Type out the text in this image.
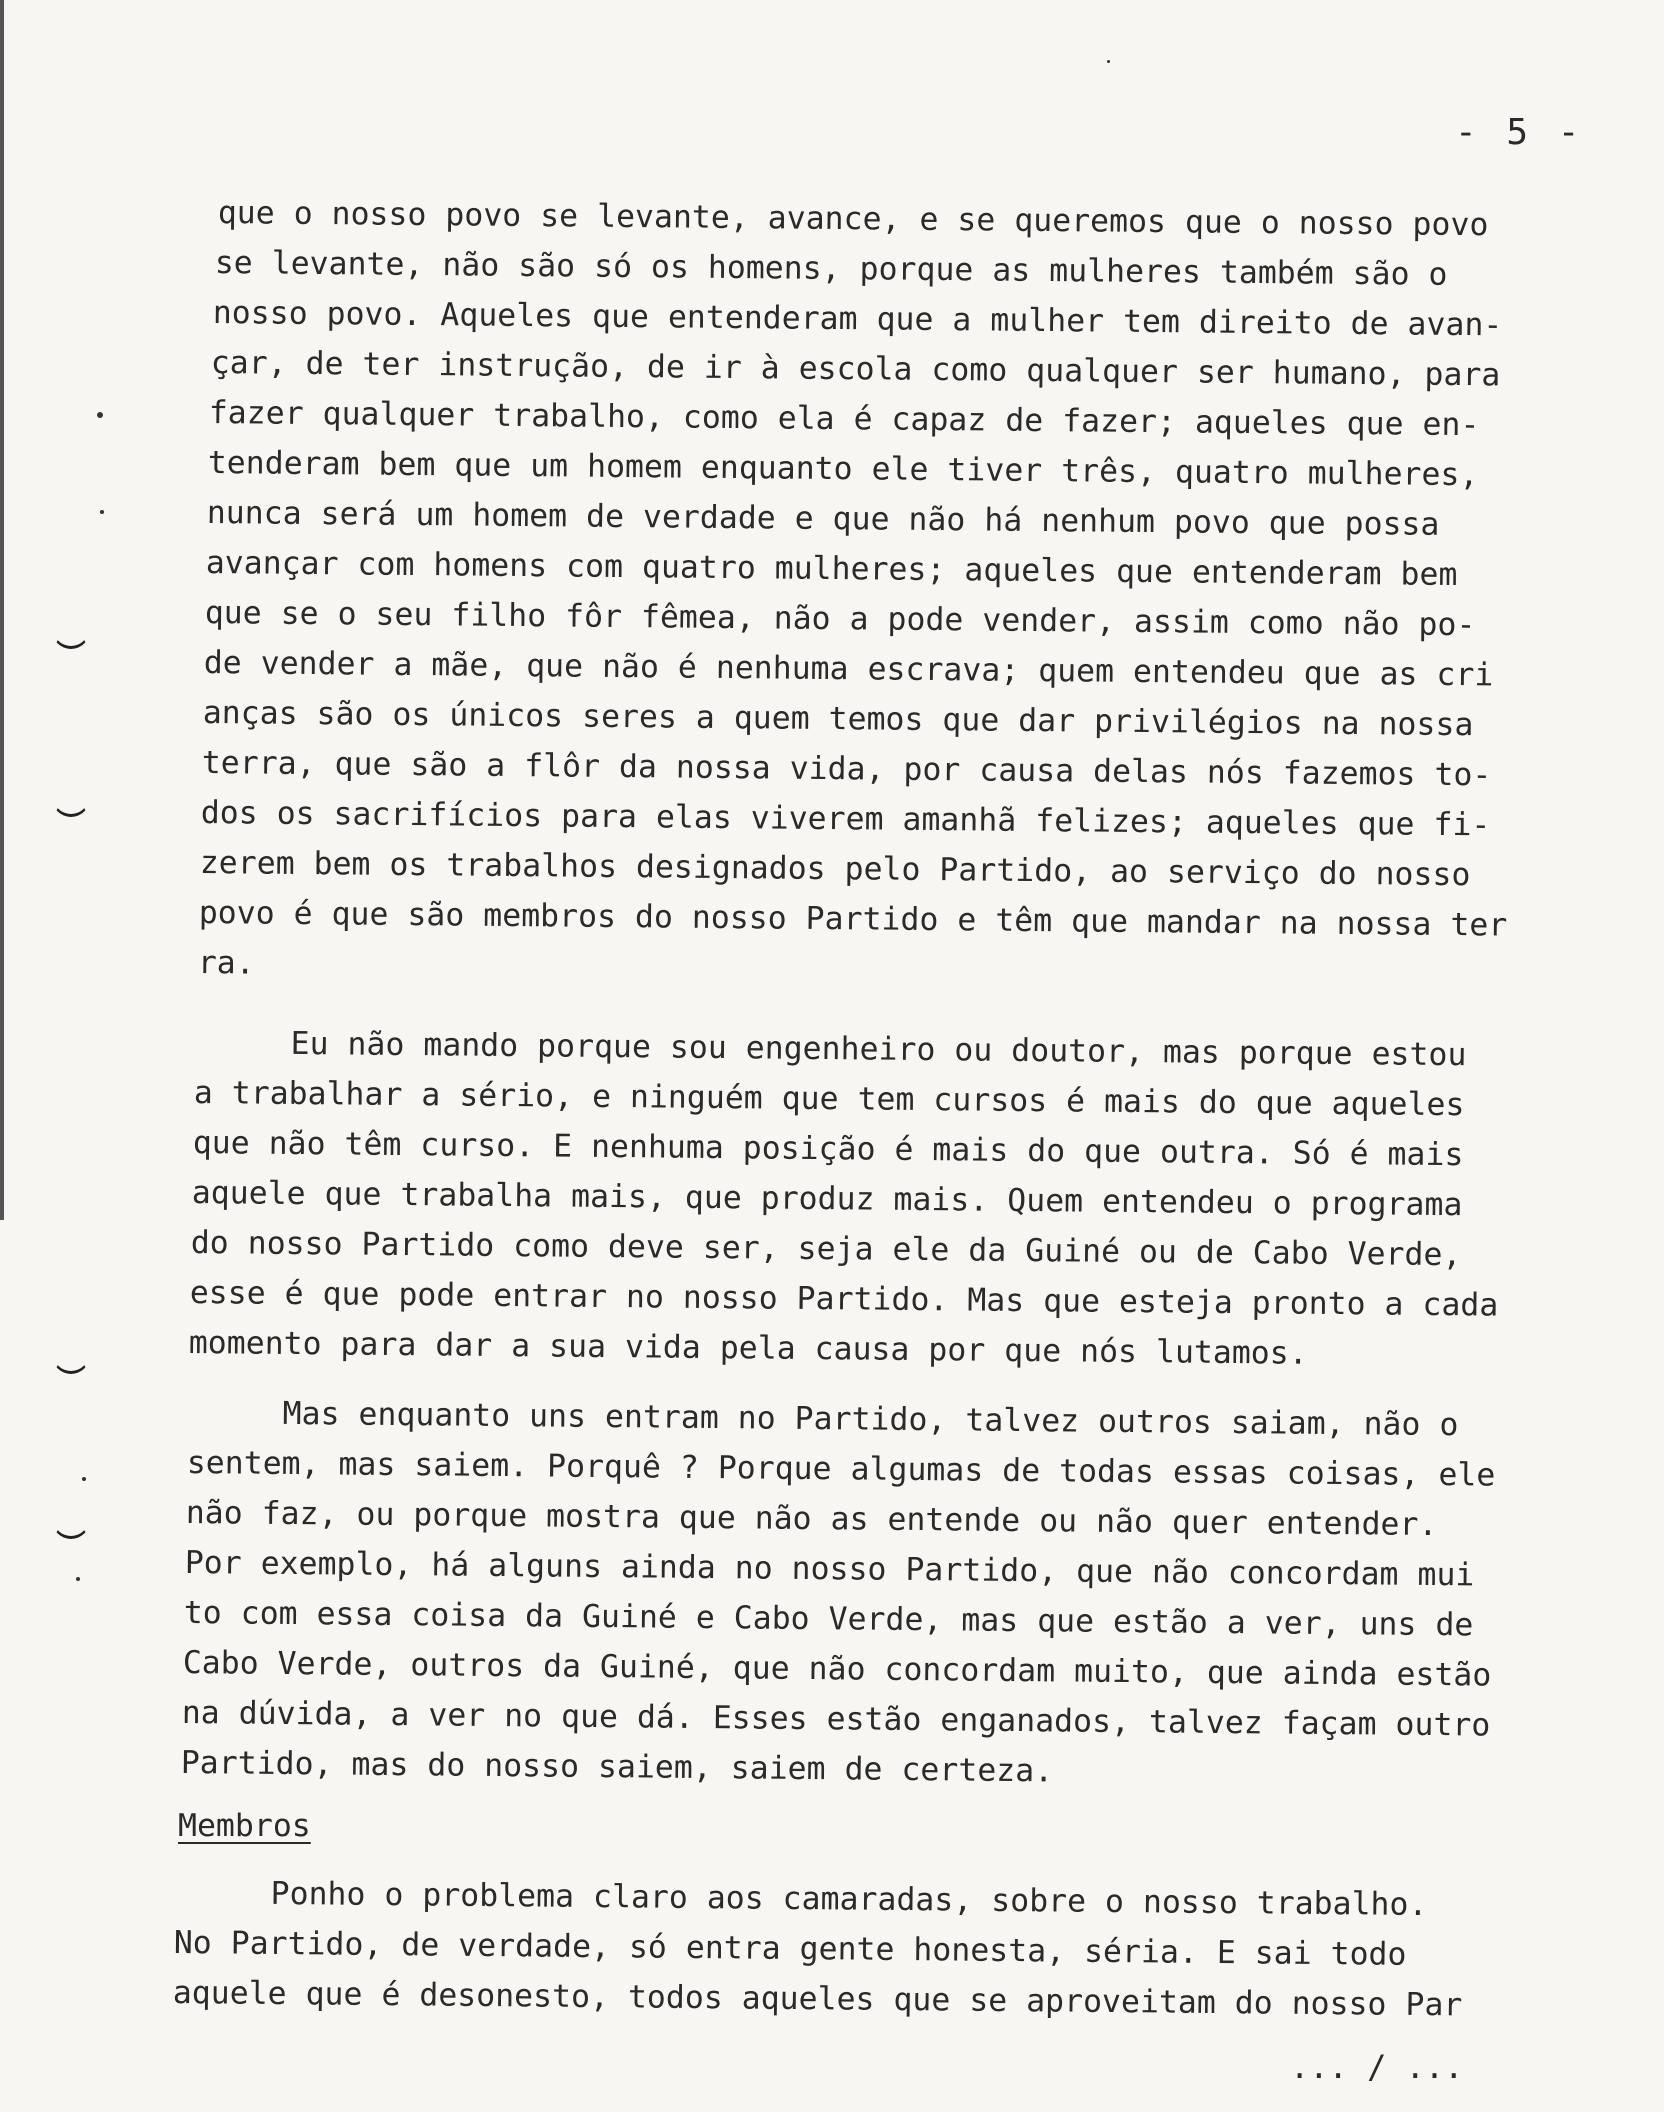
- 5 -
que o nosso povo se levante, avance, e se queremos que o nosso povo
se levante, não são só os homens, porque as mulheres também são o
nosso povo. Aqueles que entenderam que a mulher tem direito de avan-
çar, de ter instrução, de ir à escola como qualquer ser humano, para
fazer qualquer trabalho, como ela é capaz de fazer; aqueles que en-
tenderam bem que um homem enquanto ele tiver três, quatro mulheres,
nunca será um homem de verdade e que não há nenhum povo que possa
avançar com homens com quatro mulheres; aqueles que entenderam bem
que se o seu filho fôr fêmea, não a pode vender, assim como não po-
de vender a mãe, que não é nenhuma escrava; quem entendeu que as cri
anças são os únicos seres a quem temos que dar privilégios na nossa
terra, que são a flôr da nossa vida, por causa delas nós fazemos to-
dos os sacrifícios para elas viverem amanhã felizes; aqueles que fi-
zerem bem os trabalhos designados pelo Partido, ao serviço do nosso
povo é que são membros do nosso Partido e têm que mandar na nossa ter
ra.
Eu não mando porque sou engenheiro ou doutor, mas porque estou
a trabalhar a sério, e ninguém que tem cursos é mais do que aqueles
que não têm curso. E nenhuma posição é mais do que outra. Só é mais
aquele que trabalha mais, que produz mais. Quem entendeu o programa
do nosso Partido como deve ser, seja ele da Guiné ou de Cabo Verde,
esse é que pode entrar no nosso Partido. Mas que esteja pronto a cada
momento para dar a sua vida pela causa por que nós lutamos.
Mas enquanto uns entram no Partido, talvez outros saiam, não o
sentem, mas saiem. Porquê ? Porque algumas de todas essas coisas, ele
não faz, ou porque mostra que não as entende ou não quer entender.
Por exemplo, há alguns ainda no nosso Partido, que não concordam mui
to com essa coisa da Guiné e Cabo Verde, mas que estão a ver, uns de
Cabo Verde, outros da Guiné, que não concordam muito, que ainda estão
na dúvida, a ver no que dá. Esses estão enganados, talvez façam outro
Partido, mas do nosso saiem, saiem de certeza.
Membros
Ponho o problema claro aos camaradas, sobre o nosso trabalho.
No Partido, de verdade, só entra gente honesta, séria. E sai todo
aquele que é desonesto, todos aqueles que se aproveitam do nosso Par
... / ...
